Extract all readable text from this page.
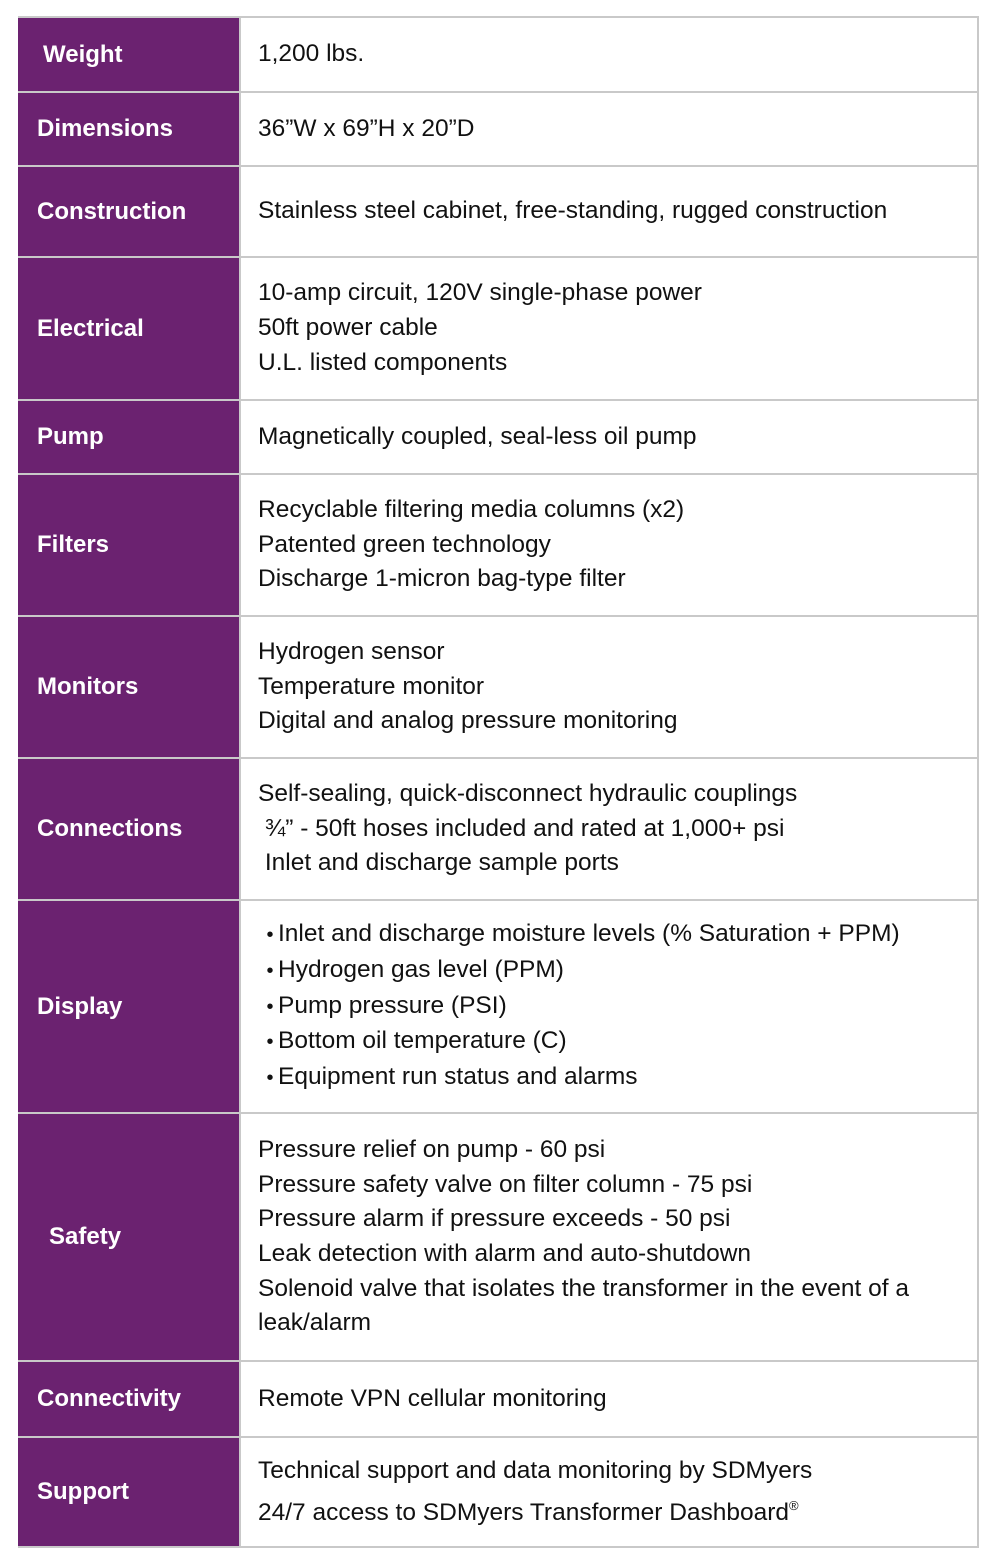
Weight	1,200 lbs.

Dimensions	36”W x 69”H x 20”D

Construction	Stainless steel cabinet, free-standing, rugged construction

Electrical	10-amp circuit, 120V single-phase power
50ft power cable
U.L. listed components

Pump	Magnetically coupled, seal-less oil pump

Filters	Recyclable filtering media columns (x2)
Patented green technology
Discharge 1-micron bag-type filter

Monitors	Hydrogen sensor
Temperature monitor
Digital and analog pressure monitoring

Connections	Self-sealing, quick-disconnect hydraulic couplings
¾” - 50ft hoses included and rated at 1,000+ psi
Inlet and discharge sample ports

Display	• Inlet and discharge moisture levels (% Saturation + PPM)
• Hydrogen gas level (PPM)
• Pump pressure (PSI)
• Bottom oil temperature (C)
• Equipment run status and alarms

Safety	Pressure relief on pump - 60 psi
Pressure safety valve on filter column - 75 psi
Pressure alarm if pressure exceeds - 50 psi
Leak detection with alarm and auto-shutdown
Solenoid valve that isolates the transformer in the event of a leak/alarm

Connectivity	Remote VPN cellular monitoring

Support	Technical support and data monitoring by SDMyers
24/7 access to SDMyers Transformer Dashboard®
